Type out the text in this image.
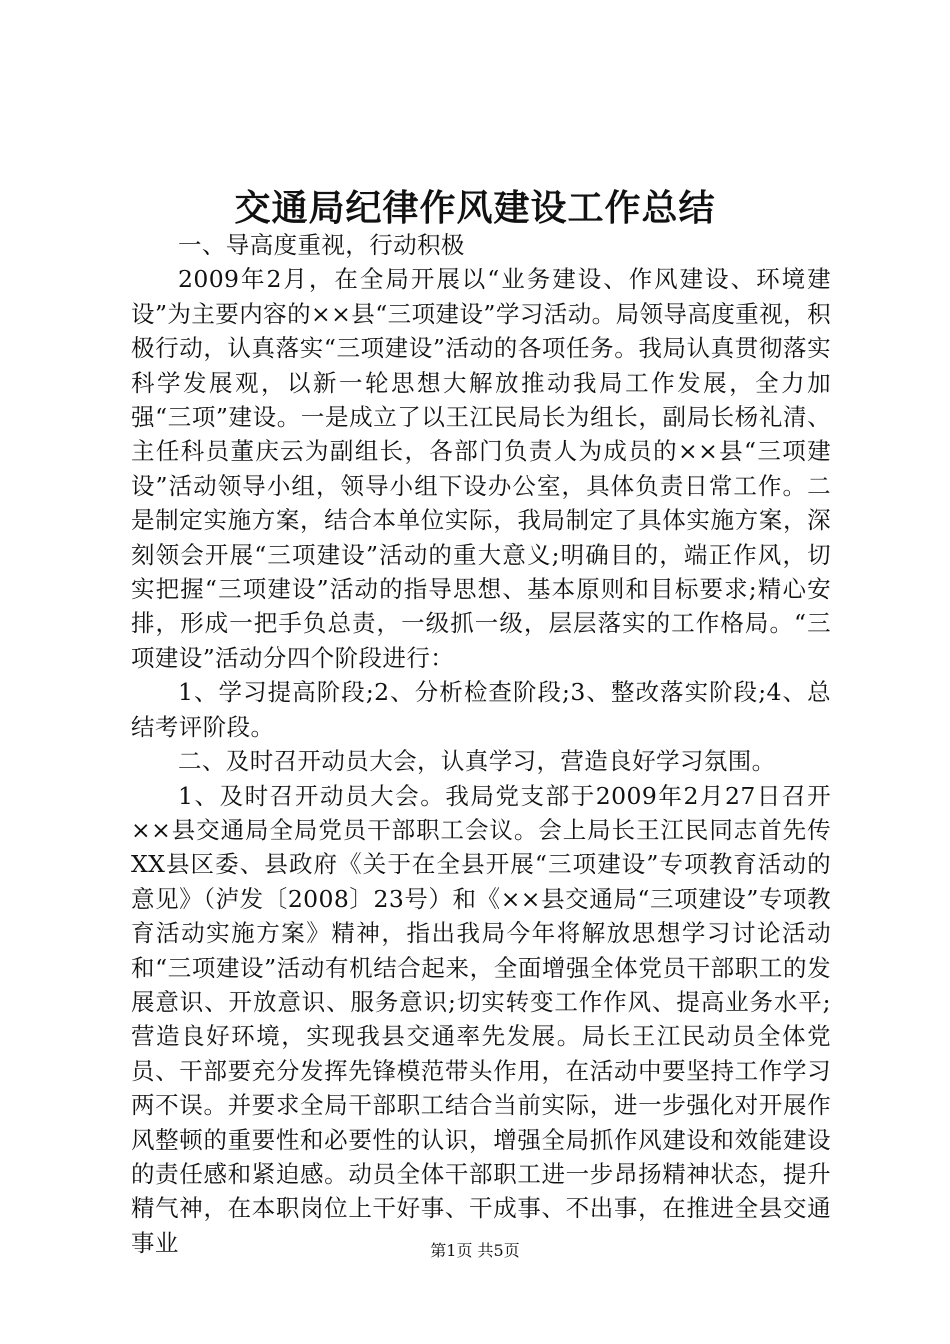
交通局纪律作风建设工作总结

一、导高度重视，行动积极

2009年2月，在全局开展以“业务建设、作风建设、环境建设”为主要内容的××县“三项建设”学习活动。局领导高度重视，积极行动，认真落实“三项建设”活动的各项任务。我局认真贯彻落实科学发展观，以新一轮思想大解放推动我局工作发展，全力加强“三项”建设。一是成立了以王江民局长为组长，副局长杨礼清、主任科员董庆云为副组长，各部门负责人为成员的××县“三项建设”活动领导小组，领导小组下设办公室，具体负责日常工作。二是制定实施方案，结合本单位实际，我局制定了具体实施方案，深刻领会开展“三项建设”活动的重大意义;明确目的，端正作风，切实把握“三项建设”活动的指导思想、基本原则和目标要求;精心安排，形成一把手负总责，一级抓一级，层层落实的工作格局。“三项建设”活动分四个阶段进行：

1、学习提高阶段;2、分析检查阶段;3、整改落实阶段;4、总结考评阶段。

二、及时召开动员大会，认真学习，营造良好学习氛围。

1、及时召开动员大会。我局党支部于2009年2月27日召开××县交通局全局党员干部职工会议。会上局长王江民同志首先传XX县区委、县政府《关于在全县开展“三项建设”专项教育活动的意见》（泸发〔2008〕23号）和《××县交通局“三项建设”专项教育活动实施方案》精神，指出我局今年将解放思想学习讨论活动和“三项建设”活动有机结合起来，全面增强全体党员干部职工的发展意识、开放意识、服务意识;切实转变工作作风、提高业务水平;营造良好环境，实现我县交通率先发展。局长王江民动员全体党员、干部要充分发挥先锋模范带头作用，在活动中要坚持工作学习两不误。并要求全局干部职工结合当前实际，进一步强化对开展作风整顿的重要性和必要性的认识，增强全局抓作风建设和效能建设的责任感和紧迫感。动员全体干部职工进一步昂扬精神状态，提升精气神，在本职岗位上干好事、干成事、不出事，在推进全县交通事业	第1页 共5页
